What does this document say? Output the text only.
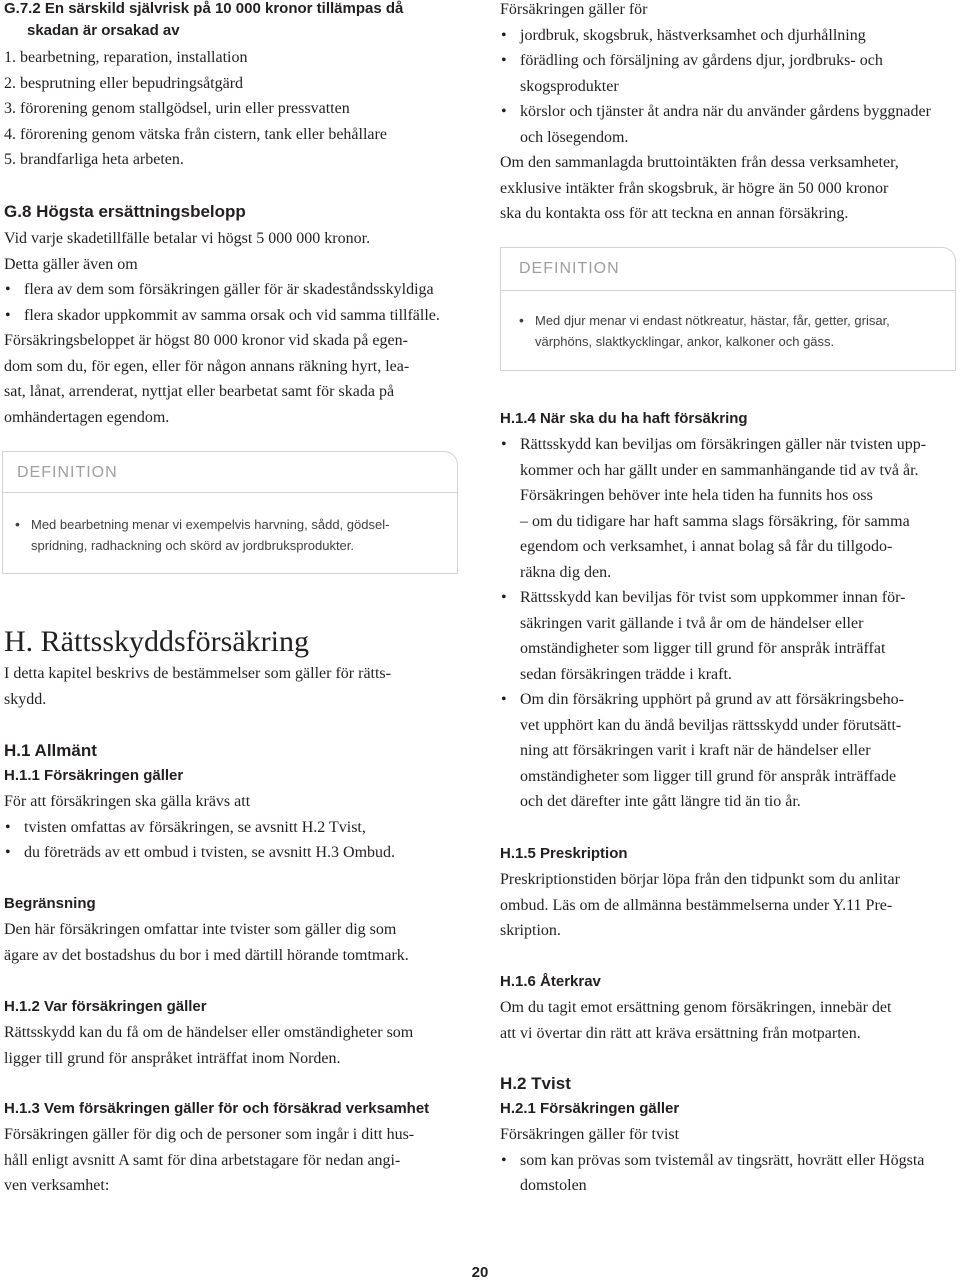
G.7.2 En särskild självrisk på 10 000 kronor tillämpas då
skadan är orsakad av

1. bearbetning, reparation, installation

2. besprutning eller bepudringsåtgärd

3. förorening genom stallgödsel, urin eller pressvatten

4. förorening genom vätska från cistern, tank eller behållare

5. brandfarliga heta arbeten.

G.8 Högsta ersättningsbelopp

Vid varje skadetillfälle betalar vi högst 5 000 000 kronor.

Detta gäller även om

• flera av dem som försäkringen gäller för är skadeståndsskyldiga
• flera skador uppkommit av samma orsak och vid samma tillfälle.

Försäkringsbeloppet är högst 80 000 kronor vid skada på egen-

dom som du, för egen, eller för någon annans räkning hyrt, lea-

sat, lånat, arrenderat, nyttjat eller bearbetat samt för skada på

omhändertagen egendom.

DEFINITION
• Med bearbetning menar vi exempelvis harvning, sådd, gödsel-
spridning, radhackning och skörd av jordbruksprodukter.

H. Rättsskyddsförsäkring

I detta kapitel beskrivs de bestämmelser som gäller för rätts-

skydd.

H.1 Allmänt

H.1.1 Försäkringen gäller

För att försäkringen ska gälla krävs att

• tvisten omfattas av försäkringen, se avsnitt H.2 Tvist,
• du företräds av ett ombud i tvisten, se avsnitt H.3 Ombud.

Begränsning

Den här försäkringen omfattar inte tvister som gäller dig som

ägare av det bostadshus du bor i med därtill hörande tomtmark.

H.1.2 Var försäkringen gäller

Rättsskydd kan du få om de händelser eller omständigheter som

ligger till grund för anspråket inträffat inom Norden.

H.1.3 Vem försäkringen gäller för och försäkrad verksamhet

Försäkringen gäller för dig och de personer som ingår i ditt hus-

håll enligt avsnitt A samt för dina arbetstagare för nedan angi-

ven verksamhet:

Försäkringen gäller för

• jordbruk, skogsbruk, hästverksamhet och djurhållning
• förädling och försäljning av gårdens djur, jordbruks- och
skogsprodukter
• körslor och tjänster åt andra när du använder gårdens byggnader
och lösegendom.

Om den sammanlagda bruttointäkten från dessa verksamheter,

exklusive intäkter från skogsbruk, är högre än 50 000 kronor

ska du kontakta oss för att teckna en annan försäkring.

DEFINITION
• Med djur menar vi endast nötkreatur, hästar, får, getter, grisar,
värphöns, slaktkycklingar, ankor, kalkoner och gäss.

H.1.4 När ska du ha haft försäkring

• Rättsskydd kan beviljas om försäkringen gäller när tvisten upp-
kommer och har gällt under en sammanhängande tid av två år.
Försäkringen behöver inte hela tiden ha funnits hos oss
– om du tidigare har haft samma slags försäkring, för samma
egendom och verksamhet, i annat bolag så får du tillgodo-
räkna dig den.
• Rättsskydd kan beviljas för tvist som uppkommer innan för-
säkringen varit gällande i två år om de händelser eller
omständigheter som ligger till grund för anspråk inträffat
sedan försäkringen trädde i kraft.
• Om din försäkring upphört på grund av att försäkringsbeho-
vet upphört kan du ändå beviljas rättsskydd under förutsätt-
ning att försäkringen varit i kraft när de händelser eller
omständigheter som ligger till grund för anspråk inträffade
och det därefter inte gått längre tid än tio år.

H.1.5 Preskription

Preskriptionstiden börjar löpa från den tidpunkt som du anlitar

ombud. Läs om de allmänna bestämmelserna under Y.11 Pre-

skription.

H.1.6 Återkrav

Om du tagit emot ersättning genom försäkringen, innebär det

att vi övertar din rätt att kräva ersättning från motparten.

H.2 Tvist

H.2.1 Försäkringen gäller

Försäkringen gäller för tvist

• som kan prövas som tvistemål av tingsrätt, hovrätt eller Högsta
domstolen
20
